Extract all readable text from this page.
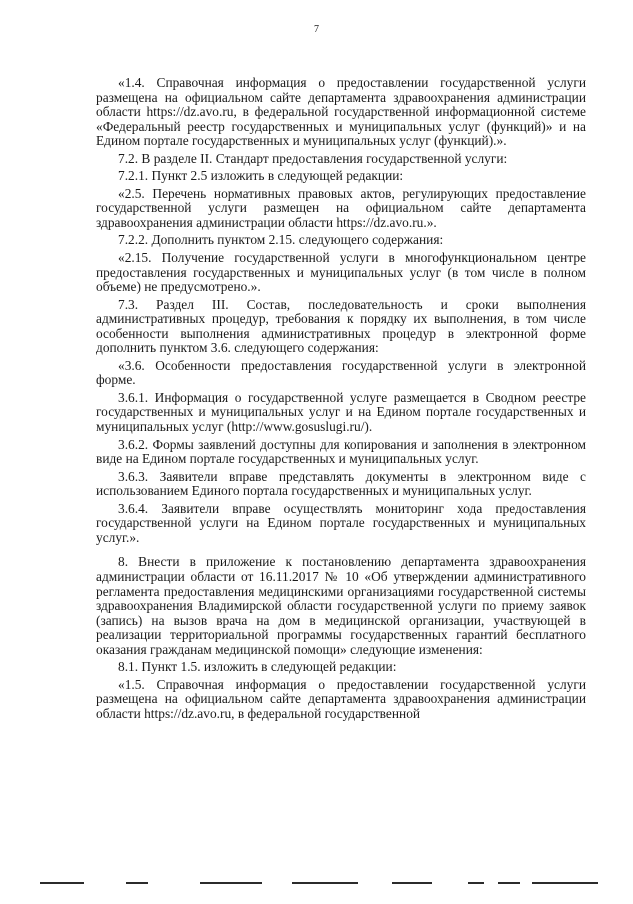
7

«1.4. Справочная информация о предоставлении государственной услуги размещена на официальном сайте департамента здравоохранения администрации области https://dz.avo.ru, в федеральной государственной информационной системе «Федеральный реестр государственных и муниципальных услуг (функций)» и на Едином портале государственных и муниципальных услуг (функций).».

7.2. В разделе II. Стандарт предоставления государственной услуги:

7.2.1. Пункт 2.5 изложить в следующей редакции:

«2.5. Перечень нормативных правовых актов, регулирующих предоставление государственной услуги размещен на официальном сайте департамента здравоохранения администрации области https://dz.avo.ru.».

7.2.2. Дополнить пунктом 2.15. следующего содержания:

«2.15. Получение государственной услуги в многофункциональном центре предоставления государственных и муниципальных услуг (в том числе в полном объеме) не предусмотрено.».

7.3. Раздел III. Состав, последовательность и сроки выполнения административных процедур, требования к порядку их выполнения, в том числе особенности выполнения административных процедур в электронной форме дополнить пунктом 3.6. следующего содержания:

«3.6. Особенности предоставления государственной услуги в электронной форме.

3.6.1. Информация о государственной услуге размещается в Сводном реестре государственных и муниципальных услуг и на Едином портале государственных и муниципальных услуг (http://www.gosuslugi.ru/).

3.6.2. Формы заявлений доступны для копирования и заполнения в электронном виде на Едином портале государственных и муниципальных услуг.

3.6.3. Заявители вправе представлять документы в электронном виде с использованием Единого портала государственных и муниципальных услуг.

3.6.4. Заявители вправе осуществлять мониторинг хода предоставления государственной услуги на Едином портале государственных и муниципальных услуг.».

8. Внести в приложение к постановлению департамента здравоохранения администрации области от 16.11.2017 № 10 «Об утверждении административного регламента предоставления медицинскими организациями государственной системы здравоохранения Владимирской области государственной услуги по приему заявок (запись) на вызов врача на дом в медицинской организации, участвующей в реализации территориальной программы государственных гарантий бесплатного оказания гражданам медицинской помощи» следующие изменения:

8.1. Пункт 1.5. изложить в следующей редакции:

«1.5. Справочная информация о предоставлении государственной услуги размещена на официальном сайте департамента здравоохранения администрации области https://dz.avo.ru, в федеральной государственной
